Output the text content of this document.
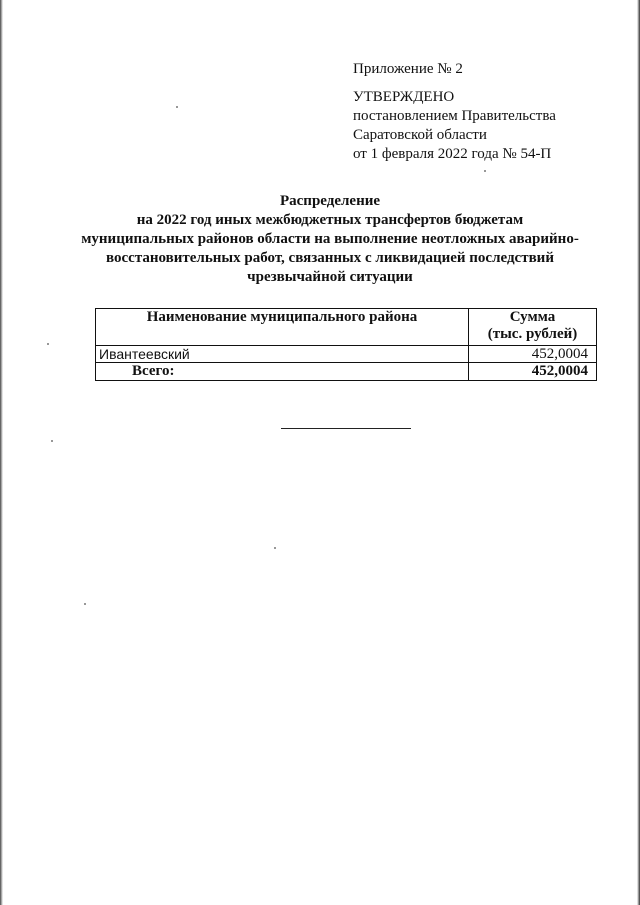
Приложение № 2
УТВЕРЖДЕНО
постановлением Правительства
Саратовской области
от 1 февраля 2022 года № 54-П
Распределение
на 2022 год иных межбюджетных трансфертов бюджетам
муниципальных районов области на выполнение неотложных аварийно-
восстановительных работ, связанных с ликвидацией последствий
чрезвычайной ситуации
Наименование муниципального района	Сумма
(тыс. рублей)
Ивантеевский	452,0004
Всего:	452,0004
